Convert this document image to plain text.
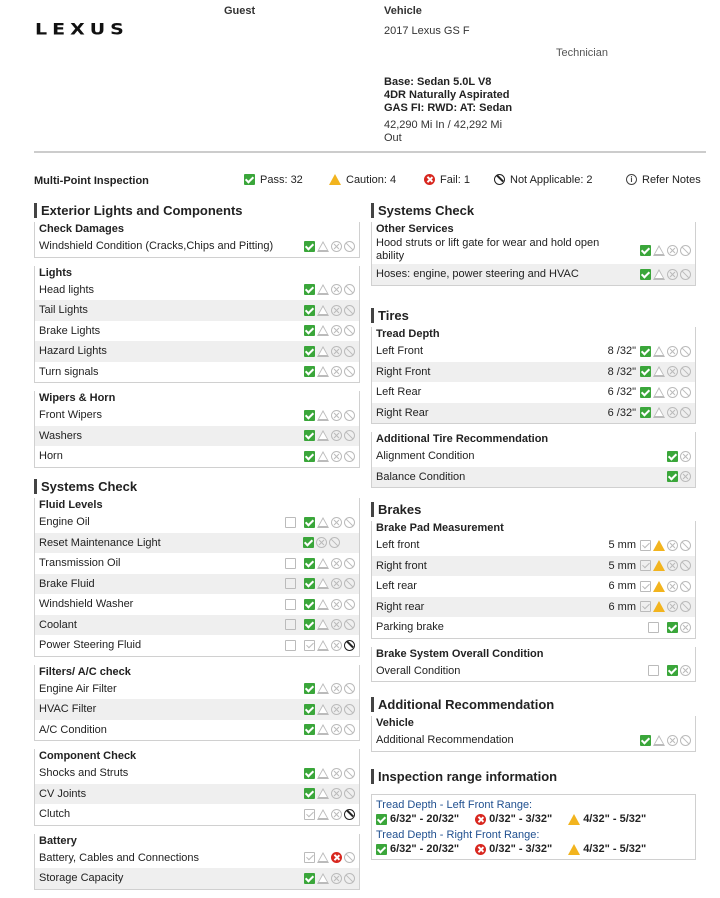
LEXUS
Guest	Vehicle
2017 Lexus GS F
Technician
Base: Sedan 5.0L V8
4DR Naturally Aspirated
GAS FI: RWD: AT: Sedan
42,290 Mi In / 42,292 Mi
Out
Multi-Point Inspection	Pass: 32	Caution: 4	Fail: 1	Not Applicable: 2	i Refer Notes
Exterior Lights and Components
Check Damages
Windshield Condition (Cracks,Chips and Pitting)
Lights
Head lights
Tail Lights
Brake Lights
Hazard Lights
Turn signals
Wipers & Horn
Front Wipers
Washers
Horn
Systems Check
Fluid Levels
Engine Oil
Reset Maintenance Light
Transmission Oil
Brake Fluid
Windshield Washer
Coolant
Power Steering Fluid
Filters/ A/C check
Engine Air Filter
HVAC Filter
A/C Condition
Component Check
Shocks and Struts
CV Joints
Clutch
Battery
Battery, Cables and Connections
Storage Capacity
Systems Check
Other Services
Hood struts or lift gate for wear and hold open ability
Hoses: engine, power steering and HVAC
Tires
Tread Depth
Left Front	8 /32"
Right Front	8 /32"
Left Rear	6 /32"
Right Rear	6 /32"
Additional Tire Recommendation
Alignment Condition
Balance Condition
Brakes
Brake Pad Measurement
Left front	5 mm
Right front	5 mm
Left rear	6 mm
Right rear	6 mm
Parking brake
Brake System Overall Condition
Overall Condition
Additional Recommendation
Vehicle
Additional Recommendation
Inspection range information
Tread Depth - Left Front Range:
6/32" - 20/32"	0/32" - 3/32"	4/32" - 5/32"
Tread Depth - Right Front Range:
6/32" - 20/32"	0/32" - 3/32"	4/32" - 5/32"
